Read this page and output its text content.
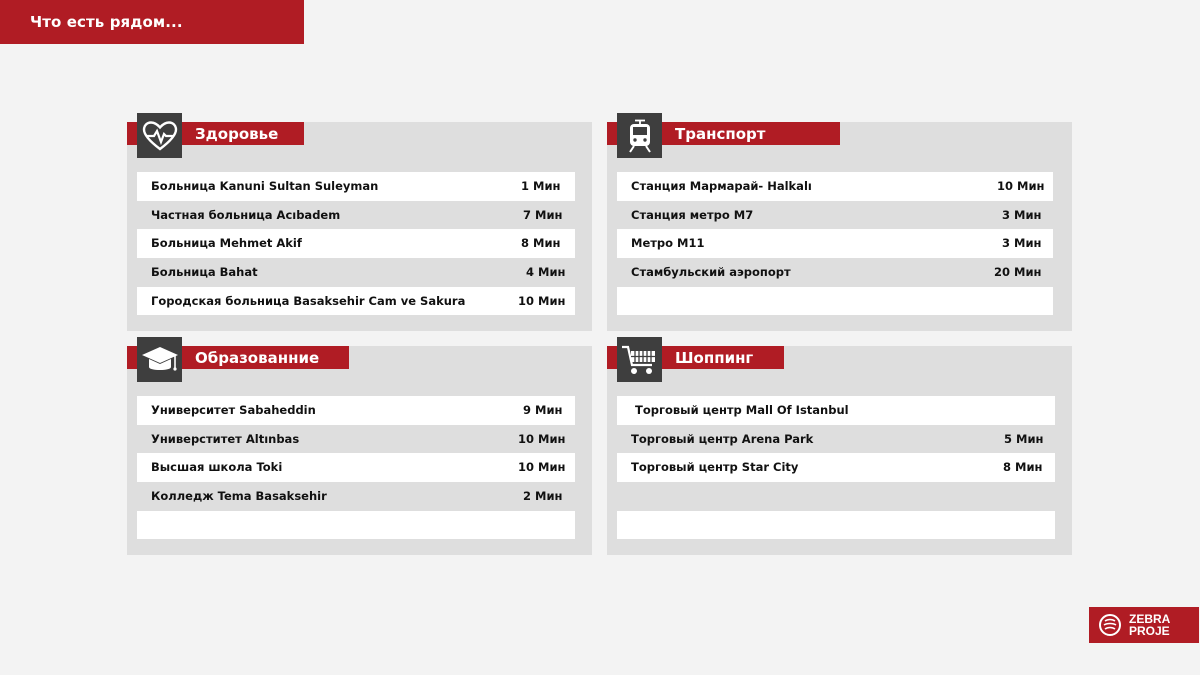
Что есть рядом...
Здоровье
Больница Kanuni Sultan Suleyman	1 Мин
Частная больница Acıbadem	7 Мин
Больница Mehmet Akif	8 Мин
Больница Bahat	4 Мин
Городская больница Basaksehir Cam ve Sakura	10 Мин
Транспорт
Станция Мармарай- Halkalı	10 Мин
Станция метро M7	3 Мин
Метро M11	3 Мин
Стамбульский аэропорт	20 Мин
Образованние
Университет Sabaheddin	9 Мин
Универститет Altınbas	10 Мин
Высшая школа Toki	10 Мин
Колледж Tema Basaksehir	2 Мин
Шоппинг
Торговый центр Mall Of Istanbul
Торговый центр Arena Park	5 Мин
Торговый центр Star City	8 Мин
ZEBRA
PROJE
